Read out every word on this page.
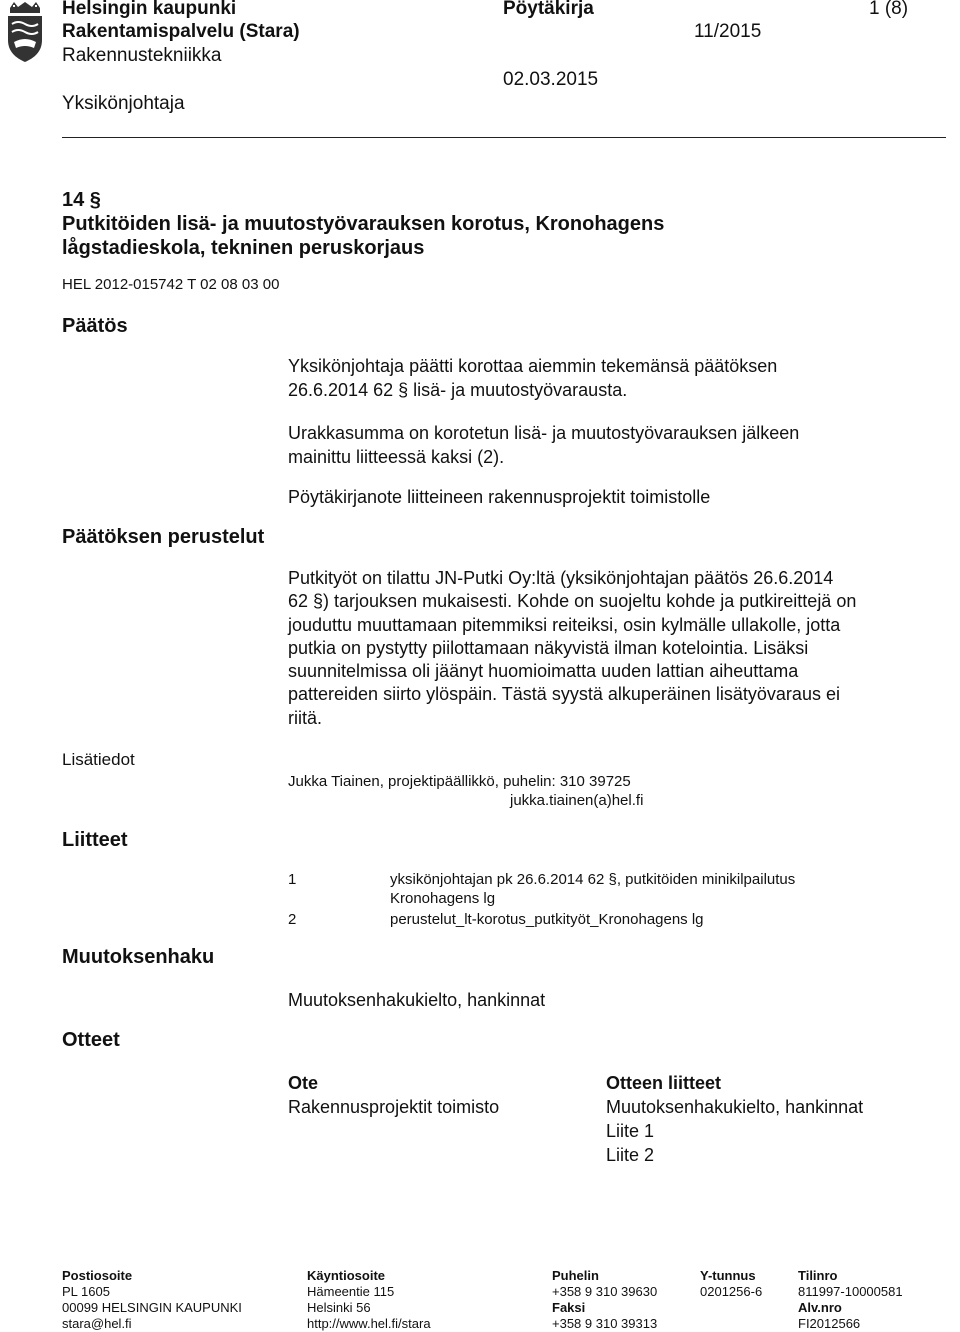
Helsingin kaupunki
Rakentamispalvelu (Stara)
Rakennustekniikka
Yksikönjohtaja
Pöytäkirja
11/2015
02.03.2015
1 (8)
14 §
Putkitöiden lisä- ja muutostyövarauksen korotus, Kronohagens
lågstadieskola, tekninen peruskorjaus
HEL 2012-015742 T 02 08 03 00
Päätös
Päätöksen perustelut
Lisätiedot
Liitteet
Muutoksenhaku
Otteet
Yksikönjohtaja päätti korottaa aiemmin tekemänsä päätöksen
26.6.2014 62 § lisä- ja muutostyövarausta.
Urakkasumma on korotetun lisä- ja muutostyövarauksen jälkeen
mainittu liitteessä kaksi (2).
Pöytäkirjanote liitteineen rakennusprojektit toimistolle
Putkityöt on tilattu JN-Putki Oy:ltä (yksikönjohtajan päätös 26.6.2014
62 §) tarjouksen mukaisesti. Kohde on suojeltu kohde ja putkireittejä on
jouduttu muuttamaan pitemmiksi reiteiksi, osin kylmälle ullakolle, jotta
putkia on pystytty piilottamaan näkyvistä ilman kotelointia. Lisäksi
suunnitelmissa oli jäänyt huomioimatta uuden lattian aiheuttama
pattereiden siirto ylöspäin. Tästä syystä alkuperäinen lisätyövaraus ei
riitä.
Jukka Tiainen, projektipäällikkö, puhelin: 310 39725
jukka.tiainen(a)hel.fi
1	yksikönjohtajan pk 26.6.2014 62 §, putkitöiden minikilpailutus
Kronohagens lg
2	perustelut_lt-korotus_putkityöt_Kronohagens lg
Muutoksenhakukielto, hankinnat
Ote
Rakennusprojektit toimisto
Otteen liitteet
Muutoksenhakukielto, hankinnat
Liite 1
Liite 2
Postiosoite
PL 1605
00099 HELSINGIN KAUPUNKI
stara@hel.fi
Käyntiosoite
Hämeentie 115
Helsinki 56
http://www.hel.fi/stara
Puhelin
+358 9 310 39630
Faksi
+358 9 310 39313
Y-tunnus
0201256-6
Tilinro
811997-10000581
Alv.nro
FI2012566
